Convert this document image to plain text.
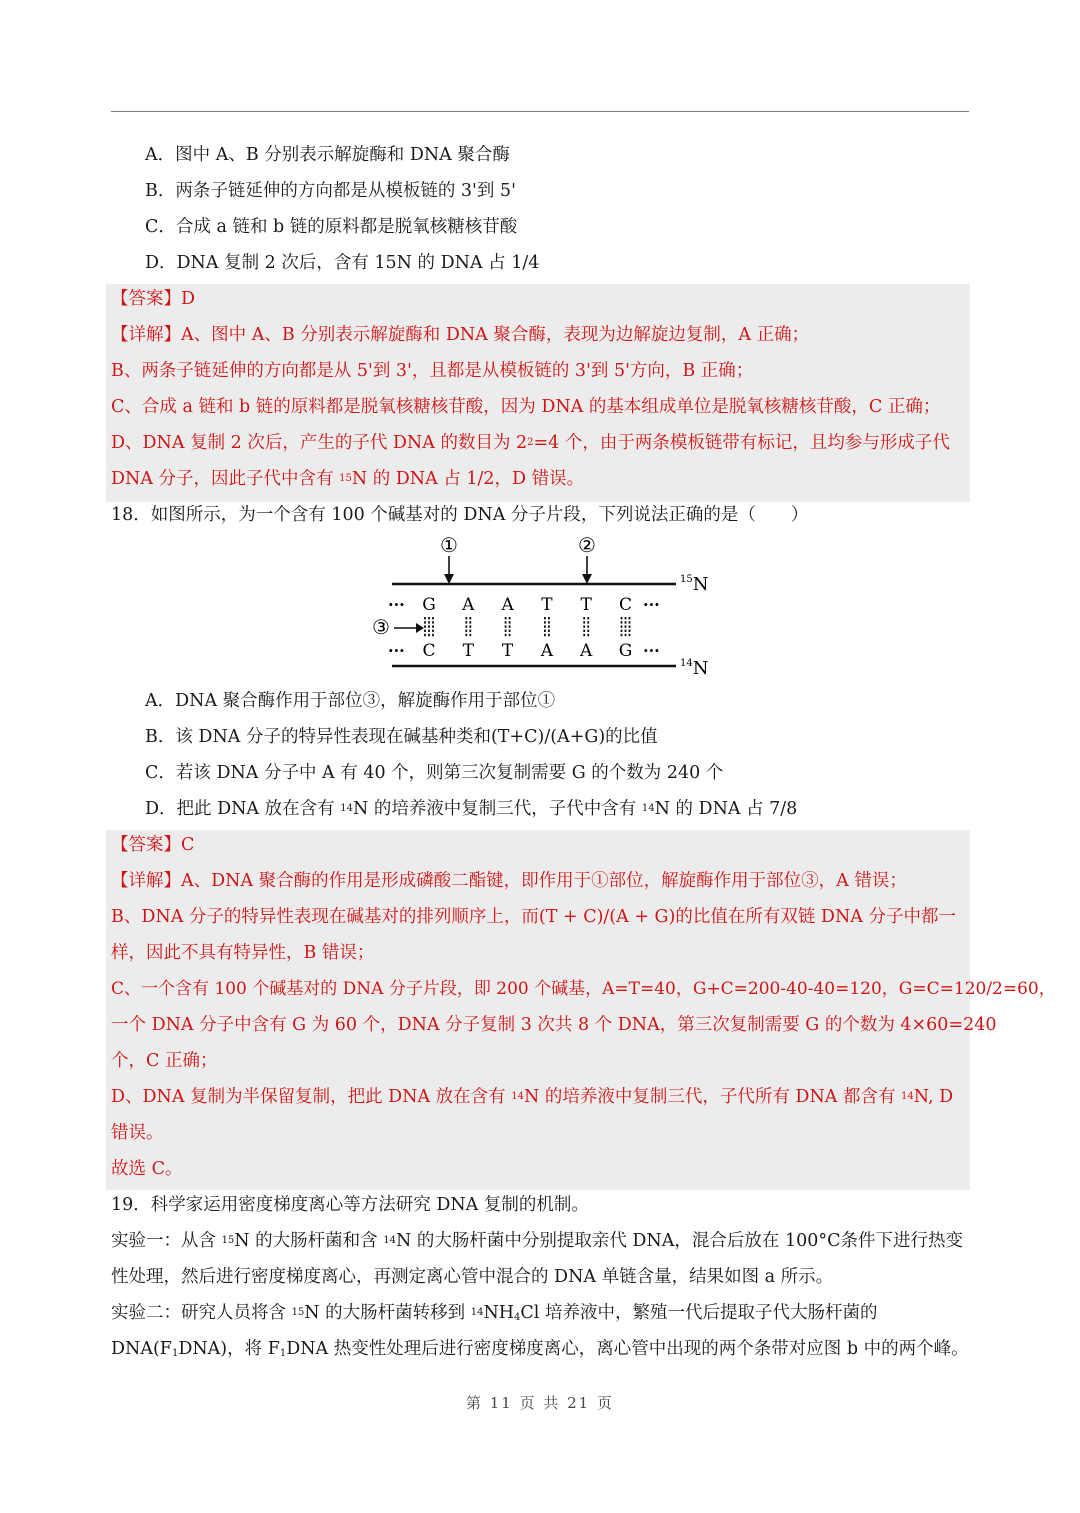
A．图中 A、B 分别表示解旋酶和 DNA 聚合酶
B．两条子链延伸的方向都是从模板链的 3'到 5'
C．合成 a 链和 b 链的原料都是脱氧核糖核苷酸
D．DNA 复制 2 次后，含有 15N 的 DNA 占 1/4
【答案】D
【详解】A、图中 A、B 分别表示解旋酶和 DNA 聚合酶，表现为边解旋边复制，A 正确；
B、两条子链延伸的方向都是从 5'到 3'，且都是从模板链的 3'到 5'方向，B 正确；
C、合成 a 链和 b 链的原料都是脱氧核糖核苷酸，因为 DNA 的基本组成单位是脱氧核糖核苷酸，C 正确；
D、DNA 复制 2 次后，产生的子代 DNA 的数目为 $2^2=4$ 个，由于两条模板链带有标记，且均参与形成子代
DNA 分子，因此子代中含有 $^{15}$N 的 DNA 占 1/2，D 错误。
18．如图所示，为一个含有 100 个碱基对的 DNA 分子片段，下列说法正确的是（　　）
①	②
$^{15}$N
$^{14}$N
···	···
···	···
G
C
A
T
A
T
T
A
T
A
C
G
③
A．DNA 聚合酶作用于部位③，解旋酶作用于部位①
B．该 DNA 分子的特异性表现在碱基种类和(T+C)/(A+G)的比值
C．若该 DNA 分子中 A 有 40 个，则第三次复制需要 G 的个数为 240 个
D．把此 DNA 放在含有 $^{14}$N 的培养液中复制三代，子代中含有 $^{14}$N 的 DNA 占 7/8
【答案】C
【详解】A、DNA 聚合酶的作用是形成磷酸二酯键，即作用于①部位，解旋酶作用于部位③，A 错误；
B、DNA 分子的特异性表现在碱基对的排列顺序上，而(T + C)/(A + G)的比值在所有双链 DNA 分子中都一
样，因此不具有特异性，B 错误；
C、一个含有 100 个碱基对的 DNA 分子片段，即 200 个碱基，A=T=40，G+C=200-40-40=120，G=C=120/2=60，
一个 DNA 分子中含有 G 为 60 个，DNA 分子复制 3 次共 8 个 DNA，第三次复制需要 G 的个数为 4×60=240
个，C 正确；
D、DNA 复制为半保留复制，把此 DNA 放在含有 $^{14}$N 的培养液中复制三代，子代所有 DNA 都含有 $^{14}$N, D
错误。
故选 C。
19．科学家运用密度梯度离心等方法研究 DNA 复制的机制。
实验一：从含 $^{15}$N 的大肠杆菌和含 $^{14}$N 的大肠杆菌中分别提取亲代 DNA，混合后放在 100°C条件下进行热变
性处理，然后进行密度梯度离心，再测定离心管中混合的 DNA 单链含量，结果如图 a 所示。
实验二：研究人员将含 $^{15}$N 的大肠杆菌转移到 $^{14}NH_4Cl$ 培养液中，繁殖一代后提取子代大肠杆菌的
$DNA(F_1DNA)$，将 $F_1DNA$ 热变性处理后进行密度梯度离心，离心管中出现的两个条带对应图 b 中的两个峰。
第 11 页 共 21 页
